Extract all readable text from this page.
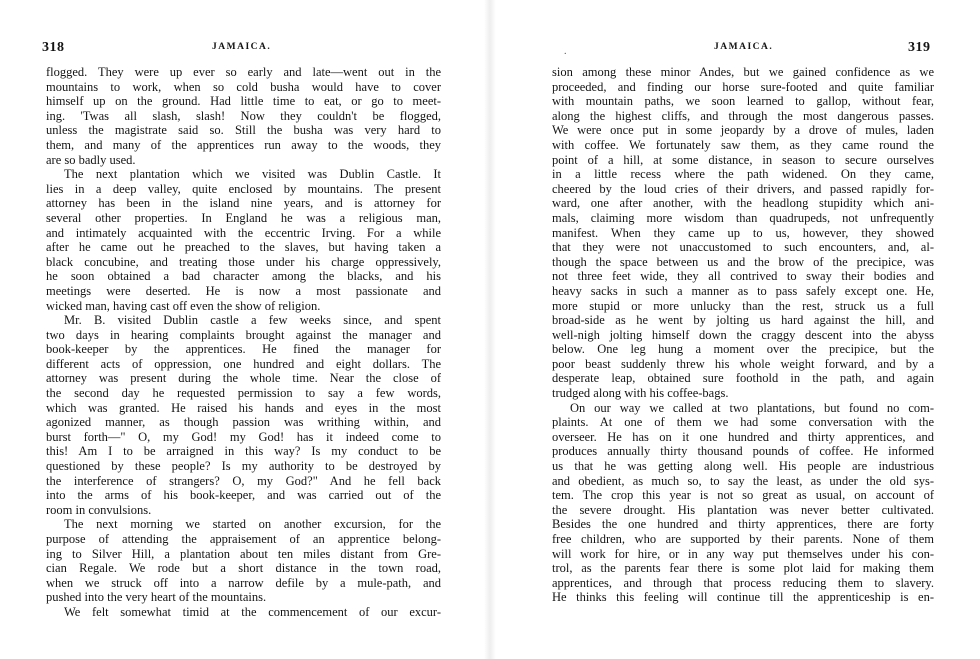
318	JAMAICA.
flogged. They were up ever so early and late—went out in the
mountains to work, when so cold busha would have to cover
himself up on the ground. Had little time to eat, or go to meet-
ing. 'Twas all slash, slash! Now they couldn't be flogged,
unless the magistrate said so. Still the busha was very hard to
them, and many of the apprentices run away to the woods, they
are so badly used.
The next plantation which we visited was Dublin Castle. It
lies in a deep valley, quite enclosed by mountains. The present
attorney has been in the island nine years, and is attorney for
several other properties. In England he was a religious man,
and intimately acquainted with the eccentric Irving. For a while
after he came out he preached to the slaves, but having taken a
black concubine, and treating those under his charge oppressively,
he soon obtained a bad character among the blacks, and his
meetings were deserted. He is now a most passionate and
wicked man, having cast off even the show of religion.
Mr. B. visited Dublin castle a few weeks since, and spent
two days in hearing complaints brought against the manager and
book-keeper by the apprentices. He fined the manager for
different acts of oppression, one hundred and eight dollars. The
attorney was present during the whole time. Near the close of
the second day he requested permission to say a few words,
which was granted. He raised his hands and eyes in the most
agonized manner, as though passion was writhing within, and
burst forth—" O, my God! my God! has it indeed come to
this! Am I to be arraigned in this way? Is my conduct to be
questioned by these people? Is my authority to be destroyed by
the interference of strangers? O, my God?" And he fell back
into the arms of his book-keeper, and was carried out of the
room in convulsions.
The next morning we started on another excursion, for the
purpose of attending the appraisement of an apprentice belong-
ing to Silver Hill, a plantation about ten miles distant from Gre-
cian Regale. We rode but a short distance in the town road,
when we struck off into a narrow defile by a mule-path, and
pushed into the very heart of the mountains.
We felt somewhat timid at the commencement of our excur-
.	JAMAICA.	319
sion among these minor Andes, but we gained confidence as we
proceeded, and finding our horse sure-footed and quite familiar
with mountain paths, we soon learned to gallop, without fear,
along the highest cliffs, and through the most dangerous passes.
We were once put in some jeopardy by a drove of mules, laden
with coffee. We fortunately saw them, as they came round the
point of a hill, at some distance, in season to secure ourselves
in a little recess where the path widened. On they came,
cheered by the loud cries of their drivers, and passed rapidly for-
ward, one after another, with the headlong stupidity which ani-
mals, claiming more wisdom than quadrupeds, not unfrequently
manifest. When they came up to us, however, they showed
that they were not unaccustomed to such encounters, and, al-
though the space between us and the brow of the precipice, was
not three feet wide, they all contrived to sway their bodies and
heavy sacks in such a manner as to pass safely except one. He,
more stupid or more unlucky than the rest, struck us a full
broad-side as he went by jolting us hard against the hill, and
well-nigh jolting himself down the craggy descent into the abyss
below. One leg hung a moment over the precipice, but the
poor beast suddenly threw his whole weight forward, and by a
desperate leap, obtained sure foothold in the path, and again
trudged along with his coffee-bags.
On our way we called at two plantations, but found no com-
plaints. At one of them we had some conversation with the
overseer. He has on it one hundred and thirty apprentices, and
produces annually thirty thousand pounds of coffee. He informed
us that he was getting along well. His people are industrious
and obedient, as much so, to say the least, as under the old sys-
tem. The crop this year is not so great as usual, on account of
the severe drought. His plantation was never better cultivated.
Besides the one hundred and thirty apprentices, there are forty
free children, who are supported by their parents. None of them
will work for hire, or in any way put themselves under his con-
trol, as the parents fear there is some plot laid for making them
apprentices, and through that process reducing them to slavery.
He thinks this feeling will continue till the apprenticeship is en-
